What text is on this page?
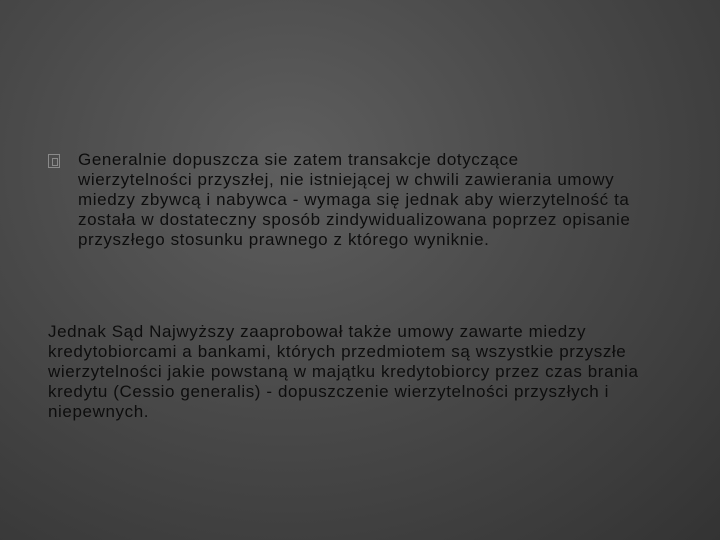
Generalnie dopuszcza sie zatem transakcje dotyczące wierzytelności przyszłej, nie istniejącej w chwili zawierania umowy miedzy zbywcą i nabywca - wymaga się jednak aby wierzytelność ta została w dostateczny sposób zindywidualizowana poprzez opisanie przyszłego stosunku prawnego z którego wyniknie.
Jednak Sąd Najwyższy zaaprobował także umowy zawarte miedzy kredytobiorcami a bankami, których przedmiotem są wszystkie przyszłe wierzytelności jakie powstaną w majątku kredytobiorcy przez czas brania kredytu (Cessio generalis) - dopuszczenie wierzytelności przyszłych i niepewnych.
